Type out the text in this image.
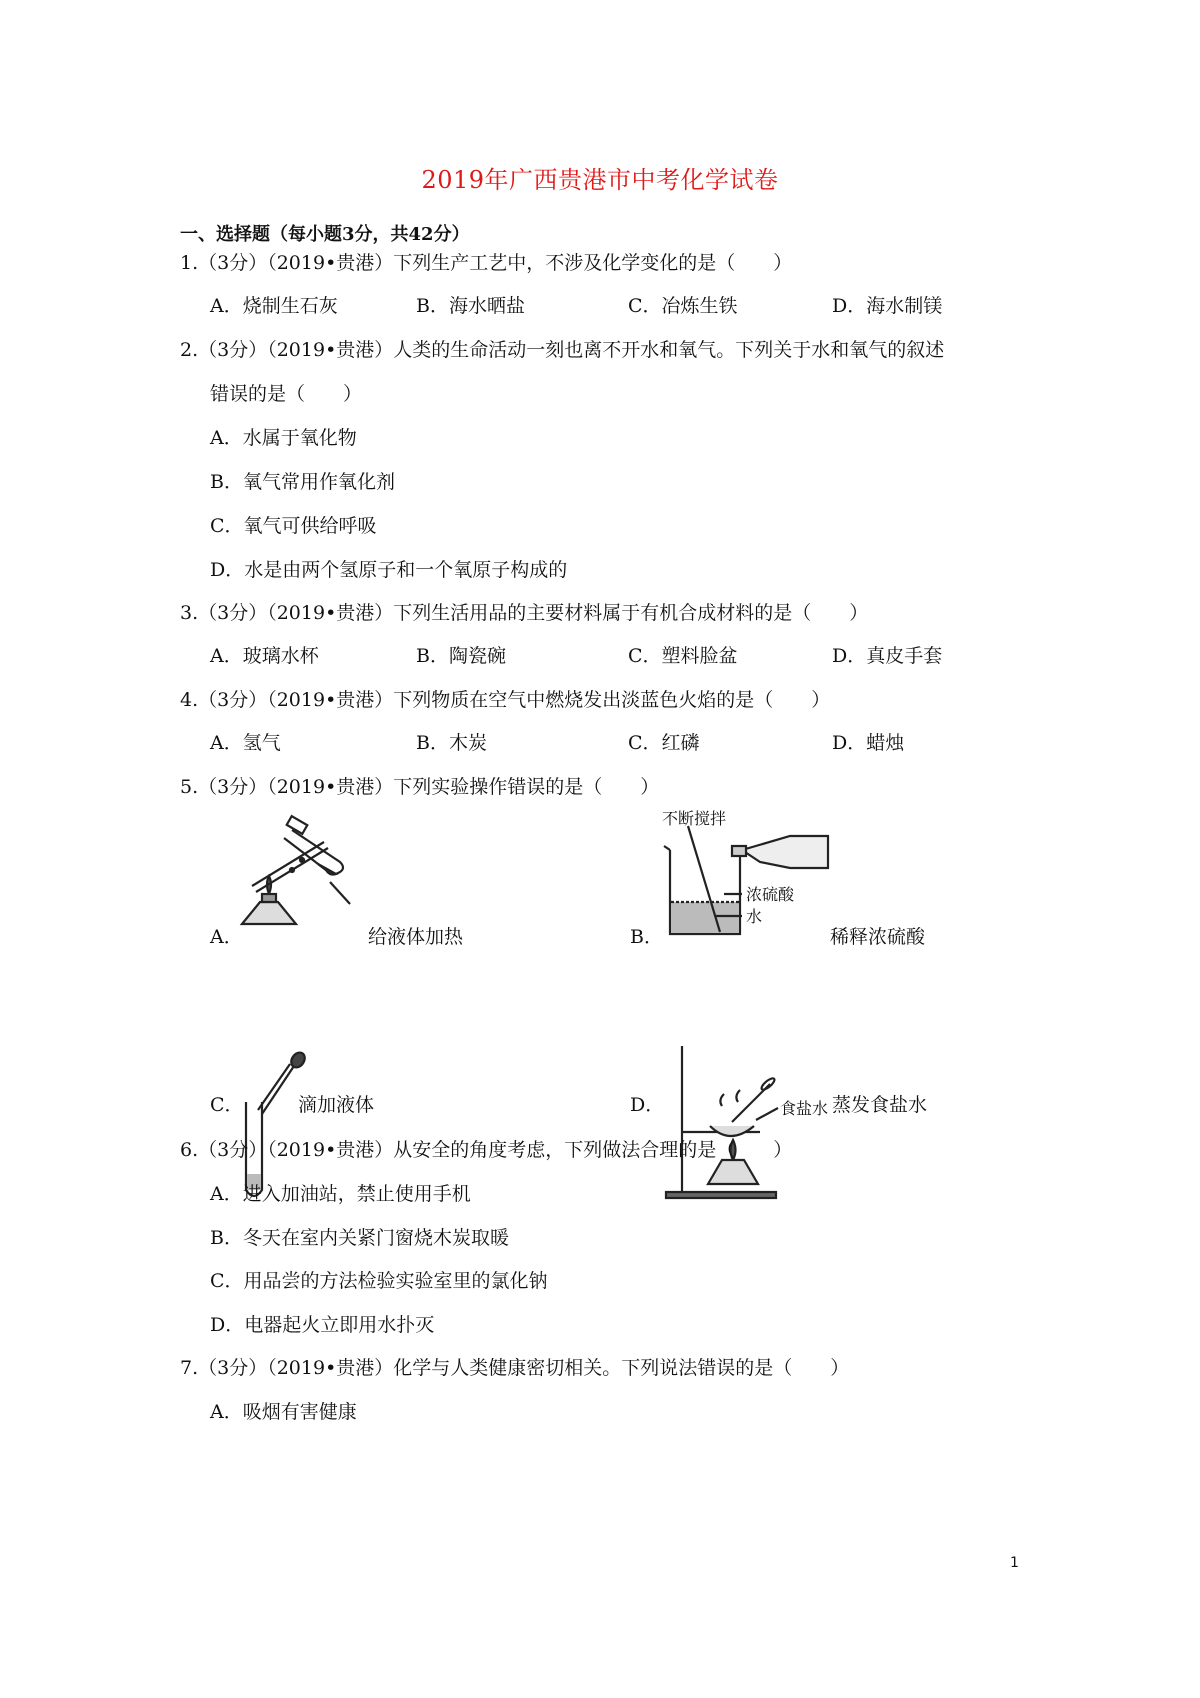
2019年广西贵港市中考化学试卷
一、选择题（每小题3分，共42分）
1.（3分）（2019•贵港）下列生产工艺中，不涉及化学变化的是（　　）
A．烧制生石灰	B．海水晒盐	C．冶炼生铁	D．海水制镁
2.（3分）（2019•贵港）人类的生命活动一刻也离不开水和氧气。下列关于水和氧气的叙述
错误的是（　　）
A．水属于氧化物
B．氧气常用作氧化剂
C．氧气可供给呼吸
D．水是由两个氢原子和一个氧原子构成的
3.（3分）（2019•贵港）下列生活用品的主要材料属于有机合成材料的是（　　）
A．玻璃水杯	B．陶瓷碗	C．塑料脸盆	D．真皮手套
4.（3分）（2019•贵港）下列物质在空气中燃烧发出淡蓝色火焰的是（　　）
A．氢气	B．木炭	C．红磷	D．蜡烛
5.（3分）（2019•贵港）下列实验操作错误的是（　　）
A．	给液体加热
不断搅拌
浓硫酸
水
B．	稀释浓硫酸
C．	滴加液体	食盐水
D．	蒸发食盐水
6.（3分）（2019•贵港）从安全的角度考虑，下列做法合理的是（　　）
A．进入加油站，禁止使用手机
B．冬天在室内关紧门窗烧木炭取暖
C．用品尝的方法检验实验室里的氯化钠
D．电器起火立即用水扑灭
7.（3分）（2019•贵港）化学与人类健康密切相关。下列说法错误的是（　　）
A．吸烟有害健康
1
